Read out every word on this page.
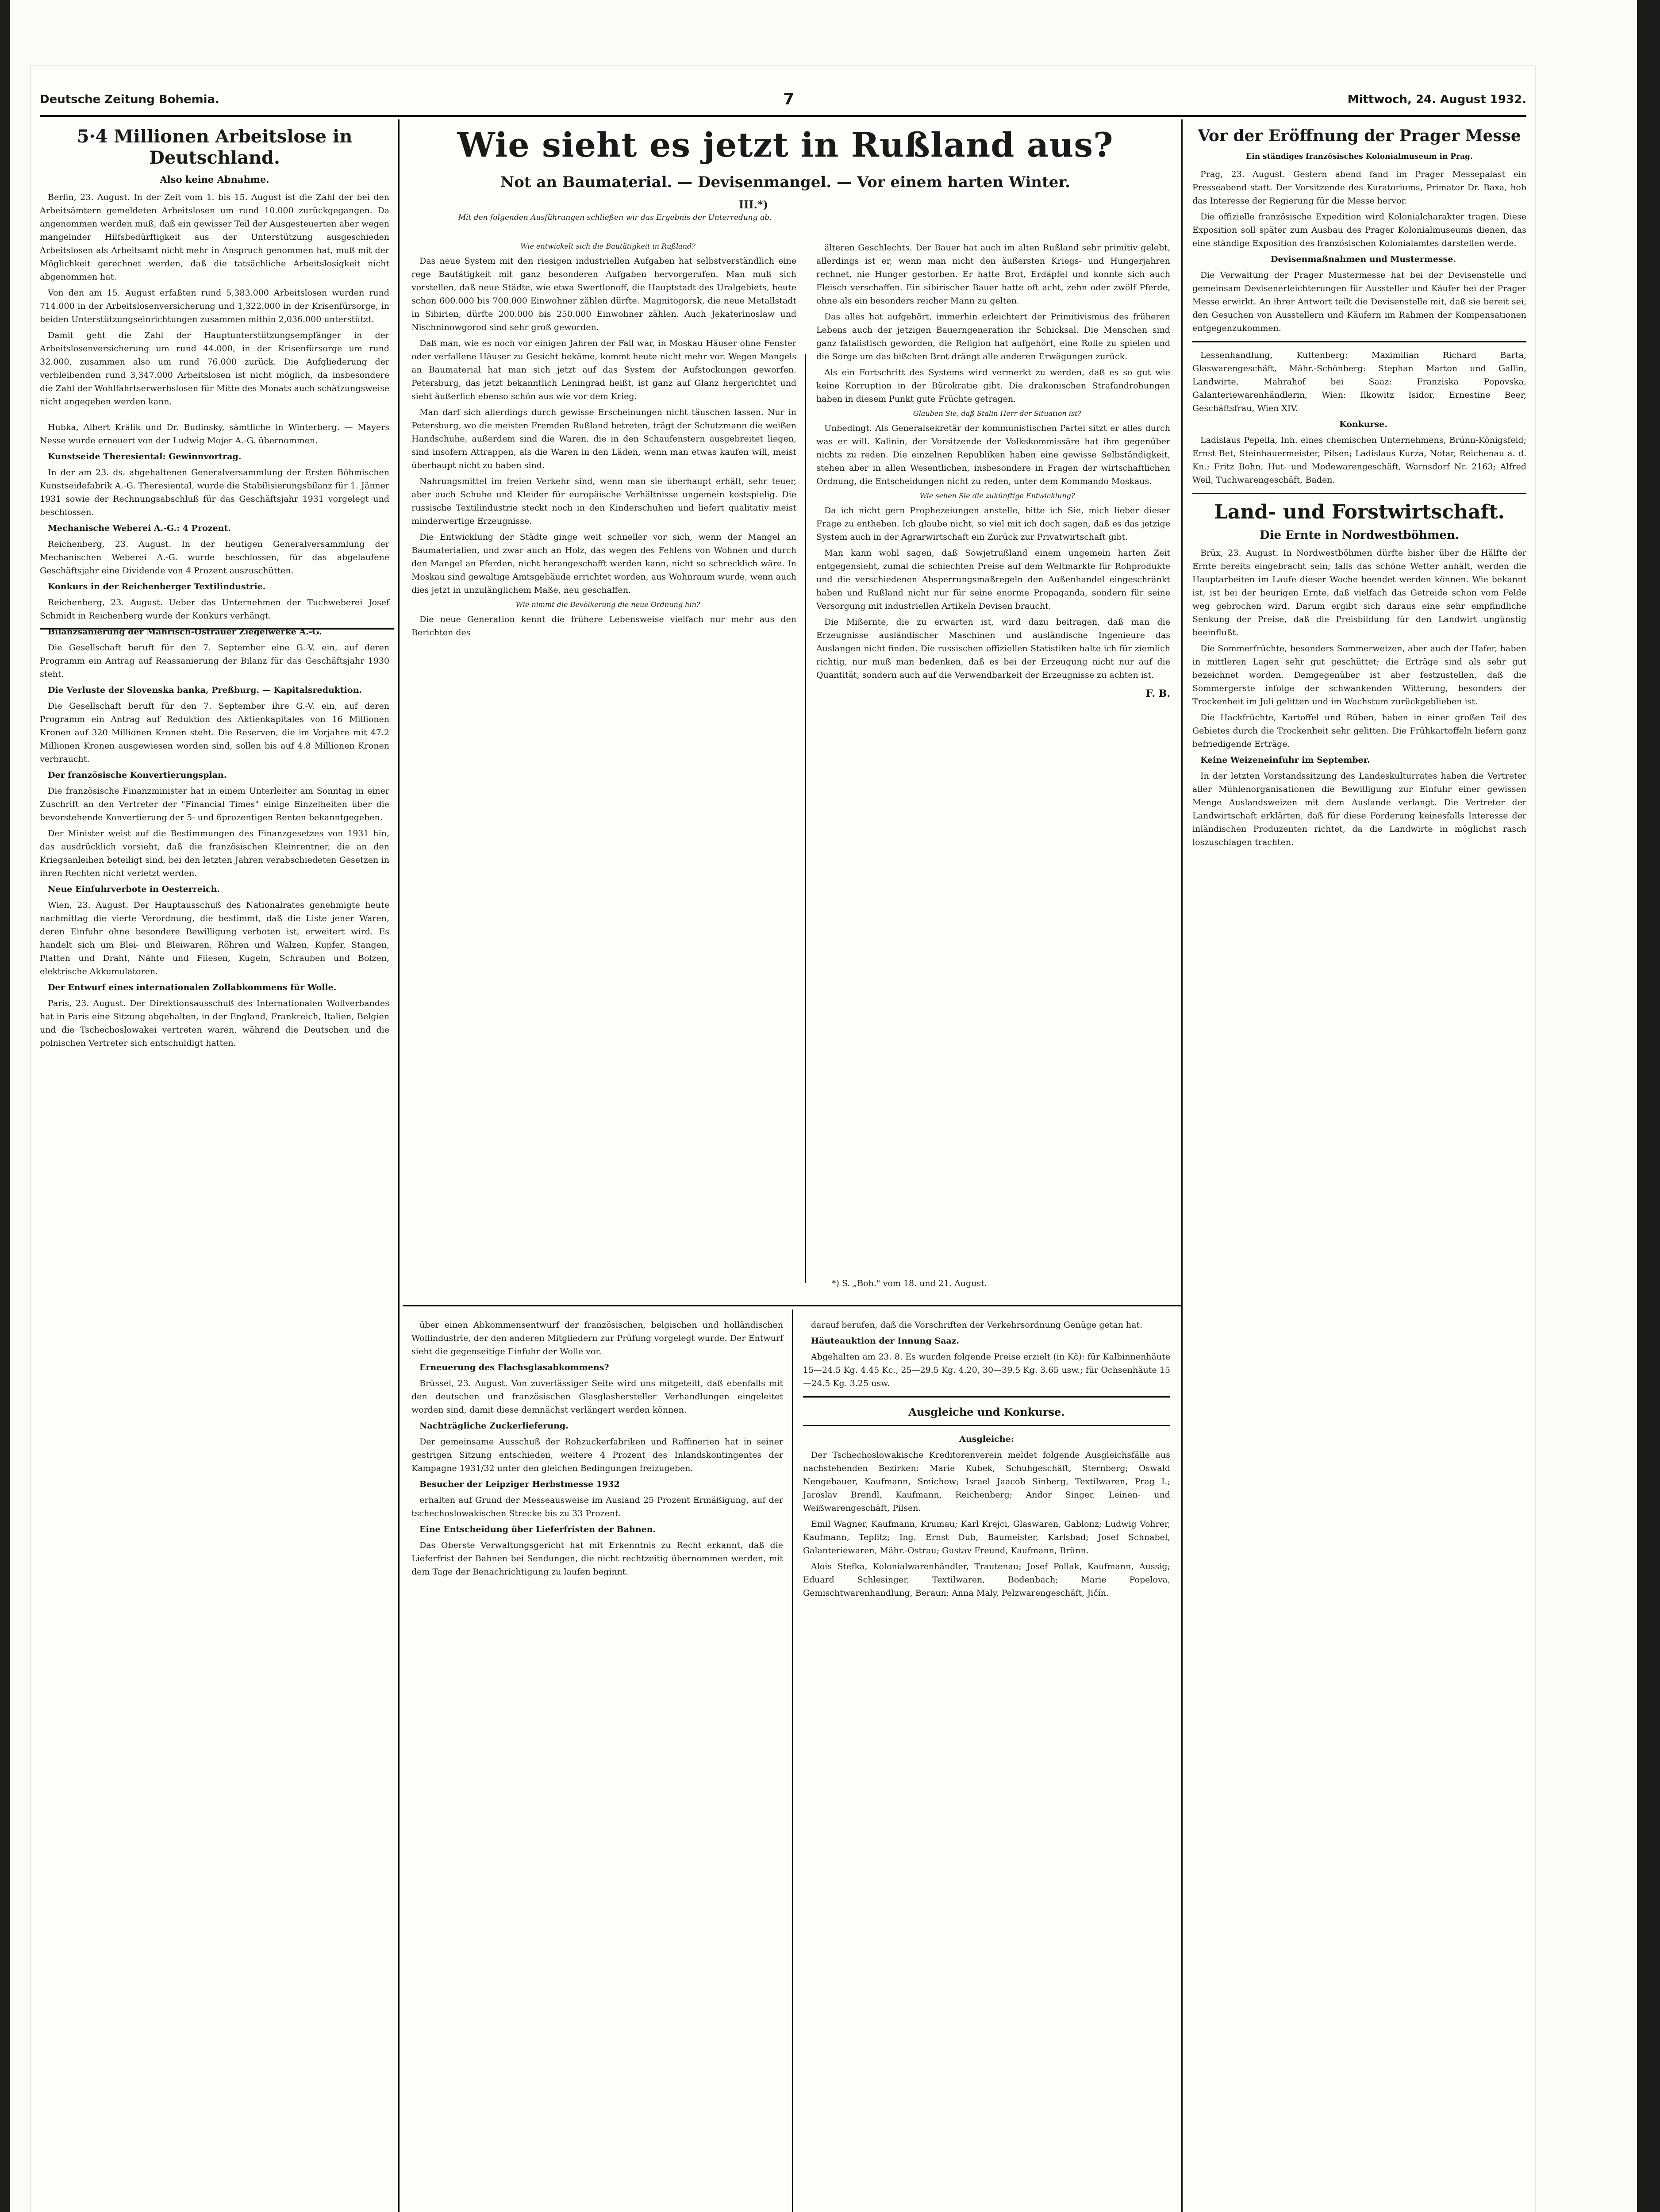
Deutsche Zeitung Bohemia.	7	Mittwoch, 24. August 1932.
5·4 Millionen Arbeitslose in Deutschland.
Also keine Abnahme.

Berlin, 23. August. In der Zeit vom 1. bis 15. August ist die Zahl der bei den Arbeitsämtern gemeldeten Arbeitslosen um rund 10.000 zurückgegangen. Da angenommen werden muß, daß ein gewisser Teil der Ausgesteuerten aber wegen mangelnder Hilfsbedürftigkeit aus der Unterstützung ausgeschieden Arbeitslosen als Arbeitsamt nicht mehr in Anspruch genommen hat, muß mit der Möglichkeit gerechnet werden, daß die tatsächliche Arbeitslosigkeit nicht abgenommen hat.

Von den am 15. August erfaßten rund 5,383.000 Arbeitslosen wurden rund 714.000 in der Arbeitslosenversicherung und 1,322.000 in der Krisenfürsorge, in beiden Unterstützungseinrichtungen zusammen mithin 2,036.000 unterstützt.

Damit geht die Zahl der Hauptunterstützungsempfänger in der Arbeitslosenversicherung um rund 44.000, in der Krisenfürsorge um rund 32.000, zusammen also um rund 76.000 zurück. Die Aufgliederung der verbleibenden rund 3,347.000 Arbeitslosen ist nicht möglich, da insbesondere die Zahl der Wohlfahrtserwerbslosen für Mitte des Monats auch schätzungsweise nicht angegeben werden kann.

Hubka, Albert Krälik und Dr. Budinsky, sämtliche in Winterberg. — Mayers Nesse wurde erneuert von der Ludwig Mojer A.-G. übernommen.

Kunstseide Theresiental: Gewinnvortrag.

In der am 23. ds. abgehaltenen Generalversammlung der Ersten Böhmischen Kunstseidefabrik A.-G. Theresiental, wurde die Stabilisierungsbilanz für 1. Jänner 1931 sowie der Rechnungsabschluß für das Geschäftsjahr 1931 vorgelegt und beschlossen.

Mechanische Weberei A.-G.: 4 Prozent.

Reichenberg, 23. August. In der heutigen Generalversammlung der Mechanischen Weberei A.-G. wurde beschlossen, für das abgelaufene Geschäftsjahr eine Dividende von 4 Prozent auszuschütten.

Konkurs in der Reichenberger Textilindustrie.

Reichenberg, 23. August. Ueber das Unternehmen der Tuchweberei Josef Schmidt in Reichenberg wurde der Konkurs verhängt.

Bilanzsanierung der Mährisch-Ostrauer Ziegelwerke A.-G.

Die Gesellschaft beruft für den 7. September eine G.-V. ein, auf deren Programm ein Antrag auf Reassanierung der Bilanz für das Geschäftsjahr 1930 steht.

Die Verluste der Slovenska banka, Preßburg. — Kapitalsreduktion.

Die Gesellschaft beruft für den 7. September ihre G.-V. ein, auf deren Programm ein Antrag auf Reduktion des Aktienkapitales von 16 Millionen Kronen auf 320 Millionen Kronen steht. Die Reserven, die im Vorjahre mit 47.2 Millionen Kronen ausgewiesen worden sind, sollen bis auf 4.8 Millionen Kronen verbraucht.

Der französische Konvertierungsplan.

Die französische Finanzminister hat in einem Unterleiter am Sonntag in einer Zuschrift an den Vertreter der "Financial Times" einige Einzelheiten über die bevorstehende Konvertierung der 5- und 6prozentigen Renten bekanntgegeben.

Der Minister weist auf die Bestimmungen des Finanzgesetzes von 1931 hin, das ausdrücklich vorsieht, daß die französischen Kleinrentner, die an den Kriegsanleihen beteiligt sind, bei den letzten Jahren verabschiedeten Gesetzen in ihren Rechten nicht verletzt werden.

Neue Einfuhrverbote in Oesterreich.

Wien, 23. August. Der Hauptausschuß des Nationalrates genehmigte heute nachmittag die vierte Verordnung, die bestimmt, daß die Liste jener Waren, deren Einfuhr ohne besondere Bewilligung verboten ist, erweitert wird. Es handelt sich um Blei- und Bleiwaren, Röhren und Walzen, Kupfer, Stangen, Platten und Draht, Nähte und Fliesen, Kugeln, Schrauben und Bolzen, elektrische Akkumulatoren.

Der Entwurf eines internationalen Zollabkommens für Wolle.

Paris, 23. August. Der Direktionsausschuß des Internationalen Wollverbandes hat in Paris eine Sitzung abgehalten, in der England, Frankreich, Italien, Belgien und die Tschechoslowakei vertreten waren, während die Deutschen und die polnischen Vertreter sich entschuldigt hatten.

Wie sieht es jetzt in Rußland aus?
Not an Baumaterial. — Devisenmangel. — Vor einem harten Winter.
III.*)
Mit den folgenden Ausführungen schließen wir das Ergebnis der Unterredung ab.

Wie entwickelt sich die Bautätigkeit in Rußland?

Das neue System mit den riesigen industriellen Aufgaben hat selbstverständlich eine rege Bautätigkeit mit ganz besonderen Aufgaben hervorgerufen. Man muß sich vorstellen, daß neue Städte, wie etwa Swertlonoff, die Hauptstadt des Uralgebiets, heute schon 600.000 bis 700.000 Einwohner zählen dürfte. Magnitogorsk, die neue Metallstadt in Sibirien, dürfte 200.000 bis 250.000 Einwohner zählen. Auch Jekaterinoslaw und Nischninowgorod sind sehr groß geworden.

Daß man, wie es noch vor einigen Jahren der Fall war, in Moskau Häuser ohne Fenster oder verfallene Häuser zu Gesicht bekäme, kommt heute nicht mehr vor. Wegen Mangels an Baumaterial hat man sich jetzt auf das System der Aufstockungen geworfen. Petersburg, das jetzt bekanntlich Leningrad heißt, ist ganz auf Glanz hergerichtet und sieht äußerlich ebenso schön aus wie vor dem Krieg.

Man darf sich allerdings durch gewisse Erscheinungen nicht täuschen lassen. Nur in Petersburg, wo die meisten Fremden Rußland betreten, trägt der Schutzmann die weißen Handschuhe, außerdem sind die Waren, die in den Schaufenstern ausgebreitet liegen, sind insofern Attrappen, als die Waren in den Läden, wenn man etwas kaufen will, meist überhaupt nicht zu haben sind.

Nahrungsmittel im freien Verkehr sind, wenn man sie überhaupt erhält, sehr teuer, aber auch Schuhe und Kleider für europäische Verhältnisse ungemein kostspielig. Die russische Textilindustrie steckt noch in den Kinderschuhen und liefert qualitativ meist minderwertige Erzeugnisse.

Die Entwicklung der Städte ginge weit schneller vor sich, wenn der Mangel an Baumaterialien, und zwar auch an Holz, das wegen des Fehlens von Wohnen und durch den Mangel an Pferden, nicht herangeschafft werden kann, nicht so schrecklich wäre. In Moskau sind gewaltige Amtsgebäude errichtet worden, aus Wohnraum wurde, wenn auch dies jetzt in unzulänglichem Maße, neu geschaffen.

Wie nimmt die Bevölkerung die neue Ordnung hin?

Die neue Generation kennt die frühere Lebensweise vielfach nur mehr aus den Berichten des

älteren Geschlechts. Der Bauer hat auch im alten Rußland sehr primitiv gelebt, allerdings ist er, wenn man nicht den äußersten Kriegs- und Hungerjahren rechnet, nie Hunger gestorben. Er hatte Brot, Erdäpfel und konnte sich auch Fleisch verschaffen. Ein sibirischer Bauer hatte oft acht, zehn oder zwölf Pferde, ohne als ein besonders reicher Mann zu gelten.

Das alles hat aufgehört, immerhin erleichtert der Primitivismus des früheren Lebens auch der jetzigen Bauerngeneration ihr Schicksal. Die Menschen sind ganz fatalistisch geworden, die Religion hat aufgehört, eine Rolle zu spielen und die Sorge um das bißchen Brot drängt alle anderen Erwägungen zurück.

Als ein Fortschritt des Systems wird vermerkt zu werden, daß es so gut wie keine Korruption in der Bürokratie gibt. Die drakonischen Strafandrohungen haben in diesem Punkt gute Früchte getragen.

Glauben Sie, daß Stalin Herr der Situation ist?

Unbedingt. Als Generalsekretär der kommunistischen Partei sitzt er alles durch was er will. Kalinin, der Vorsitzende der Volkskommissäre hat ihm gegenüber nichts zu reden. Die einzelnen Republiken haben eine gewisse Selbständigkeit, stehen aber in allen Wesentlichen, insbesondere in Fragen der wirtschaftlichen Ordnung, die Entscheidungen nicht zu reden, unter dem Kommando Moskaus.

Wie sehen Sie die zukünftige Entwicklung?

Da ich nicht gern Prophezeiungen anstelle, bitte ich Sie, mich lieber dieser Frage zu entheben. Ich glaube nicht, so viel mit ich doch sagen, daß es das jetzige System auch in der Agrarwirtschaft ein Zurück zur Privatwirtschaft gibt.

Man kann wohl sagen, daß Sowjetrußland einem ungemein harten Zeit entgegensieht, zumal die schlechten Preise auf dem Weltmarkte für Rohprodukte und die verschiedenen Absperrungsmaßregeln den Außenhandel eingeschränkt haben und Rußland nicht nur für seine enorme Propaganda, sondern für seine Versorgung mit industriellen Artikeln Devisen braucht.

Die Mißernte, die zu erwarten ist, wird dazu beitragen, daß man die Erzeugnisse ausländischer Maschinen und ausländische Ingenieure das Auslangen nicht finden. Die russischen offiziellen Statistiken halte ich für ziemlich richtig, nur muß man bedenken, daß es bei der Erzeugung nicht nur auf die Quantität, sondern auch auf die Verwendbarkeit der Erzeugnisse zu achten ist.

F. B.
*) S. „Boh." vom 18. und 21. August.

über einen Abkommensentwurf der französischen, belgischen und holländischen Wollindustrie, der den anderen Mitgliedern zur Prüfung vorgelegt wurde. Der Entwurf sieht die gegenseitige Einfuhr der Wolle vor.

Erneuerung des Flachsglasabkommens?

Brüssel, 23. August. Von zuverlässiger Seite wird uns mitgeteilt, daß ebenfalls mit den deutschen und französischen Glasglashersteller Verhandlungen eingeleitet worden sind, damit diese demnächst verlängert werden können.

Nachträgliche Zuckerlieferung.

Der gemeinsame Ausschuß der Rohzuckerfabriken und Raffinerien hat in seiner gestrigen Sitzung entschieden, weitere 4 Prozent des Inlandskontingentes der Kampagne 1931/32 unter den gleichen Bedingungen freizugeben.

Besucher der Leipziger Herbstmesse 1932

erhalten auf Grund der Messeausweise im Ausland 25 Prozent Ermäßigung, auf der tschechoslowakischen Strecke bis zu 33 Prozent.

Eine Entscheidung über Lieferfristen der Bahnen.

Das Oberste Verwaltungsgericht hat mit Erkenntnis zu Recht erkannt, daß die Lieferfrist der Bahnen bei Sendungen, die nicht rechtzeitig übernommen werden, mit dem Tage der Benachrichtigung zu laufen beginnt.

darauf berufen, daß die Vorschriften der Verkehrsordnung Genüge getan hat.

Häuteauktion der Innung Saaz.

Abgehalten am 23. 8. Es wurden folgende Preise erzielt (in Kč): für Kalbinnenhäute 15—24.5 Kg. 4.45 Kc., 25—29.5 Kg. 4.20, 30—39.5 Kg. 3.65 usw.; für Ochsenhäute 15—24.5 Kg. 3.25 usw.

Ausgleiche und Konkurse.

Ausgleiche:

Der Tschechoslowakische Kreditorenverein meldet folgende Ausgleichsfälle aus nachstehenden Bezirken: Marie Kubek, Schuhgeschäft, Sternberg; Oswald Nengebauer, Kaufmann, Smichow; Israel Jaacob Sinberg, Textilwaren, Prag I.; Jaroslav Brendl, Kaufmann, Reichenberg; Andor Singer, Leinen- und Weißwarengeschäft, Pilsen.

Emil Wagner, Kaufmann, Krumau; Karl Krejci, Glaswaren, Gablonz; Ludwig Vohrer, Kaufmann, Teplitz; Ing. Ernst Dub, Baumeister, Karlsbad; Josef Schnabel, Galanteriewaren, Mähr.-Ostrau; Gustav Freund, Kaufmann, Brünn.

Alois Stefka, Kolonialwarenhändler, Trautenau; Josef Pollak, Kaufmann, Aussig; Eduard Schlesinger, Textilwaren, Bodenbach; Marie Popelova, Gemischtwarenhandlung, Beraun; Anna Maly, Pelzwarengeschäft, Jičín.

Vor der Eröffnung der Prager Messe
Ein ständiges französisches Kolonialmuseum in Prag.

Prag, 23. August. Gestern abend fand im Prager Messepalast ein Presseabend statt. Der Vorsitzende des Kuratoriums, Primator Dr. Baxa, hob das Interesse der Regierung für die Messe hervor.

Die offizielle französische Expedition wird Kolonialcharakter tragen. Diese Exposition soll später zum Ausbau des Prager Kolonialmuseums dienen, das eine ständige Exposition des französischen Kolonialamtes darstellen werde.

Devisenmaßnahmen und Mustermesse.

Die Verwaltung der Prager Mustermesse hat bei der Devisenstelle und gemeinsam Devisenerleichterungen für Aussteller und Käufer bei der Prager Messe erwirkt. An ihrer Antwort teilt die Devisenstelle mit, daß sie bereit sei, den Gesuchen von Ausstellern und Käufern im Rahmen der Kompensationen entgegenzukommen.

Lessenhandlung, Kuttenberg: Maximilian Richard Barta, Glaswarengeschäft, Mähr.-Schönberg: Stephan Marton und Gallin, Landwirte, Mahrahof bei Saaz: Franziska Popovska, Galanteriewarenhändlerin, Wien: Ilkowitz Isidor, Ernestine Beer, Geschäftsfrau, Wien XIV.

Konkurse.

Ladislaus Pepella, Inh. eines chemischen Unternehmens, Brünn-Königsfeld; Ernst Bet, Steinhauermeister, Pilsen; Ladislaus Kurza, Notar, Reichenau a. d. Kn.; Fritz Bohn, Hut- und Modewarengeschäft, Warnsdorf Nr. 2163; Alfred Weil, Tuchwarengeschäft, Baden.

Land- und Forstwirtschaft.
Die Ernte in Nordwestböhmen.

Brüx, 23. August. In Nordwestböhmen dürfte bisher über die Hälfte der Ernte bereits eingebracht sein; falls das schöne Wetter anhält, werden die Hauptarbeiten im Laufe dieser Woche beendet werden können. Wie bekannt ist, ist bei der heurigen Ernte, daß vielfach das Getreide schon vom Felde weg gebrochen wird. Darum ergibt sich daraus eine sehr empfindliche Senkung der Preise, daß die Preisbildung für den Landwirt ungünstig beeinflußt.

Die Sommerfrüchte, besonders Sommerweizen, aber auch der Hafer, haben in mittleren Lagen sehr gut geschüttet; die Erträge sind als sehr gut bezeichnet worden. Demgegenüber ist aber festzustellen, daß die Sommergerste infolge der schwankenden Witterung, besonders der Trockenheit im Juli gelitten und im Wachstum zurückgeblieben ist.

Die Hackfrüchte, Kartoffel und Rüben, haben in einer großen Teil des Gebietes durch die Trockenheit sehr gelitten. Die Frühkartoffeln liefern ganz befriedigende Erträge.

Keine Weizeneinfuhr im September.

In der letzten Vorstandssitzung des Landeskulturrates haben die Vertreter aller Mühlenorganisationen die Bewilligung zur Einfuhr einer gewissen Menge Auslandsweizen mit dem Auslande verlangt. Die Vertreter der Landwirtschaft erklärten, daß für diese Forderung keinesfalls Interesse der inländischen Produzenten richtet, da die Landwirte in möglichst rasch loszuschlagen trachten.
